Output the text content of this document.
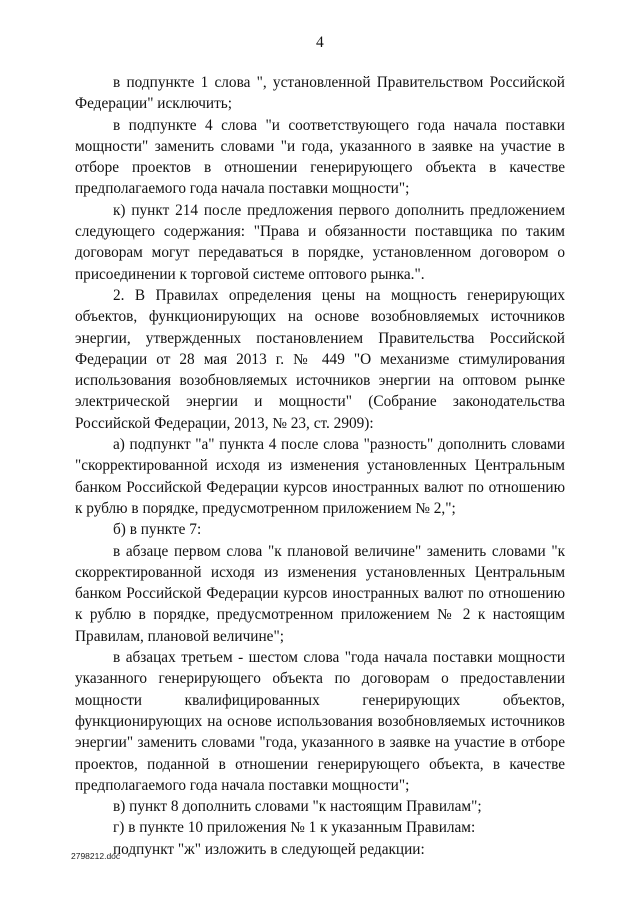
4
в подпункте 1 слова ", установленной Правительством Российской
Федерации" исключить;
в подпункте 4 слова "и соответствующего года начала поставки
мощности" заменить словами "и года, указанного в заявке на участие в
отборе проектов в отношении генерирующего объекта в качестве
предполагаемого года начала поставки мощности";
к) пункт 214 после предложения первого дополнить предложением
следующего содержания: "Права и обязанности поставщика по таким
договорам могут передаваться в порядке, установленном договором о
присоединении к торговой системе оптового рынка.".
2. В Правилах определения цены на мощность генерирующих
объектов, функционирующих на основе возобновляемых источников
энергии, утвержденных постановлением Правительства Российской
Федерации от 28 мая 2013 г. № 449 "О механизме стимулирования
использования возобновляемых источников энергии на оптовом рынке
электрической энергии и мощности" (Собрание законодательства
Российской Федерации, 2013, № 23, ст. 2909):
а) подпункт "а" пункта 4 после слова "разность" дополнить словами
"скорректированной исходя из изменения установленных Центральным
банком Российской Федерации курсов иностранных валют по отношению
к рублю в порядке, предусмотренном приложением № 2,";
б) в пункте 7:
в абзаце первом слова "к плановой величине" заменить словами "к
скорректированной исходя из изменения установленных Центральным
банком Российской Федерации курсов иностранных валют по отношению
к рублю в порядке, предусмотренном приложением № 2 к настоящим
Правилам, плановой величине";
в абзацах третьем - шестом слова "года начала поставки мощности
указанного генерирующего объекта по договорам о предоставлении
мощности квалифицированных генерирующих объектов,
функционирующих на основе использования возобновляемых источников
энергии" заменить словами "года, указанного в заявке на участие в отборе
проектов, поданной в отношении генерирующего объекта, в качестве
предполагаемого года начала поставки мощности";
в) пункт 8 дополнить словами "к настоящим Правилам";
г) в пункте 10 приложения № 1 к указанным Правилам:
подпункт "ж" изложить в следующей редакции:
2798212.doc
